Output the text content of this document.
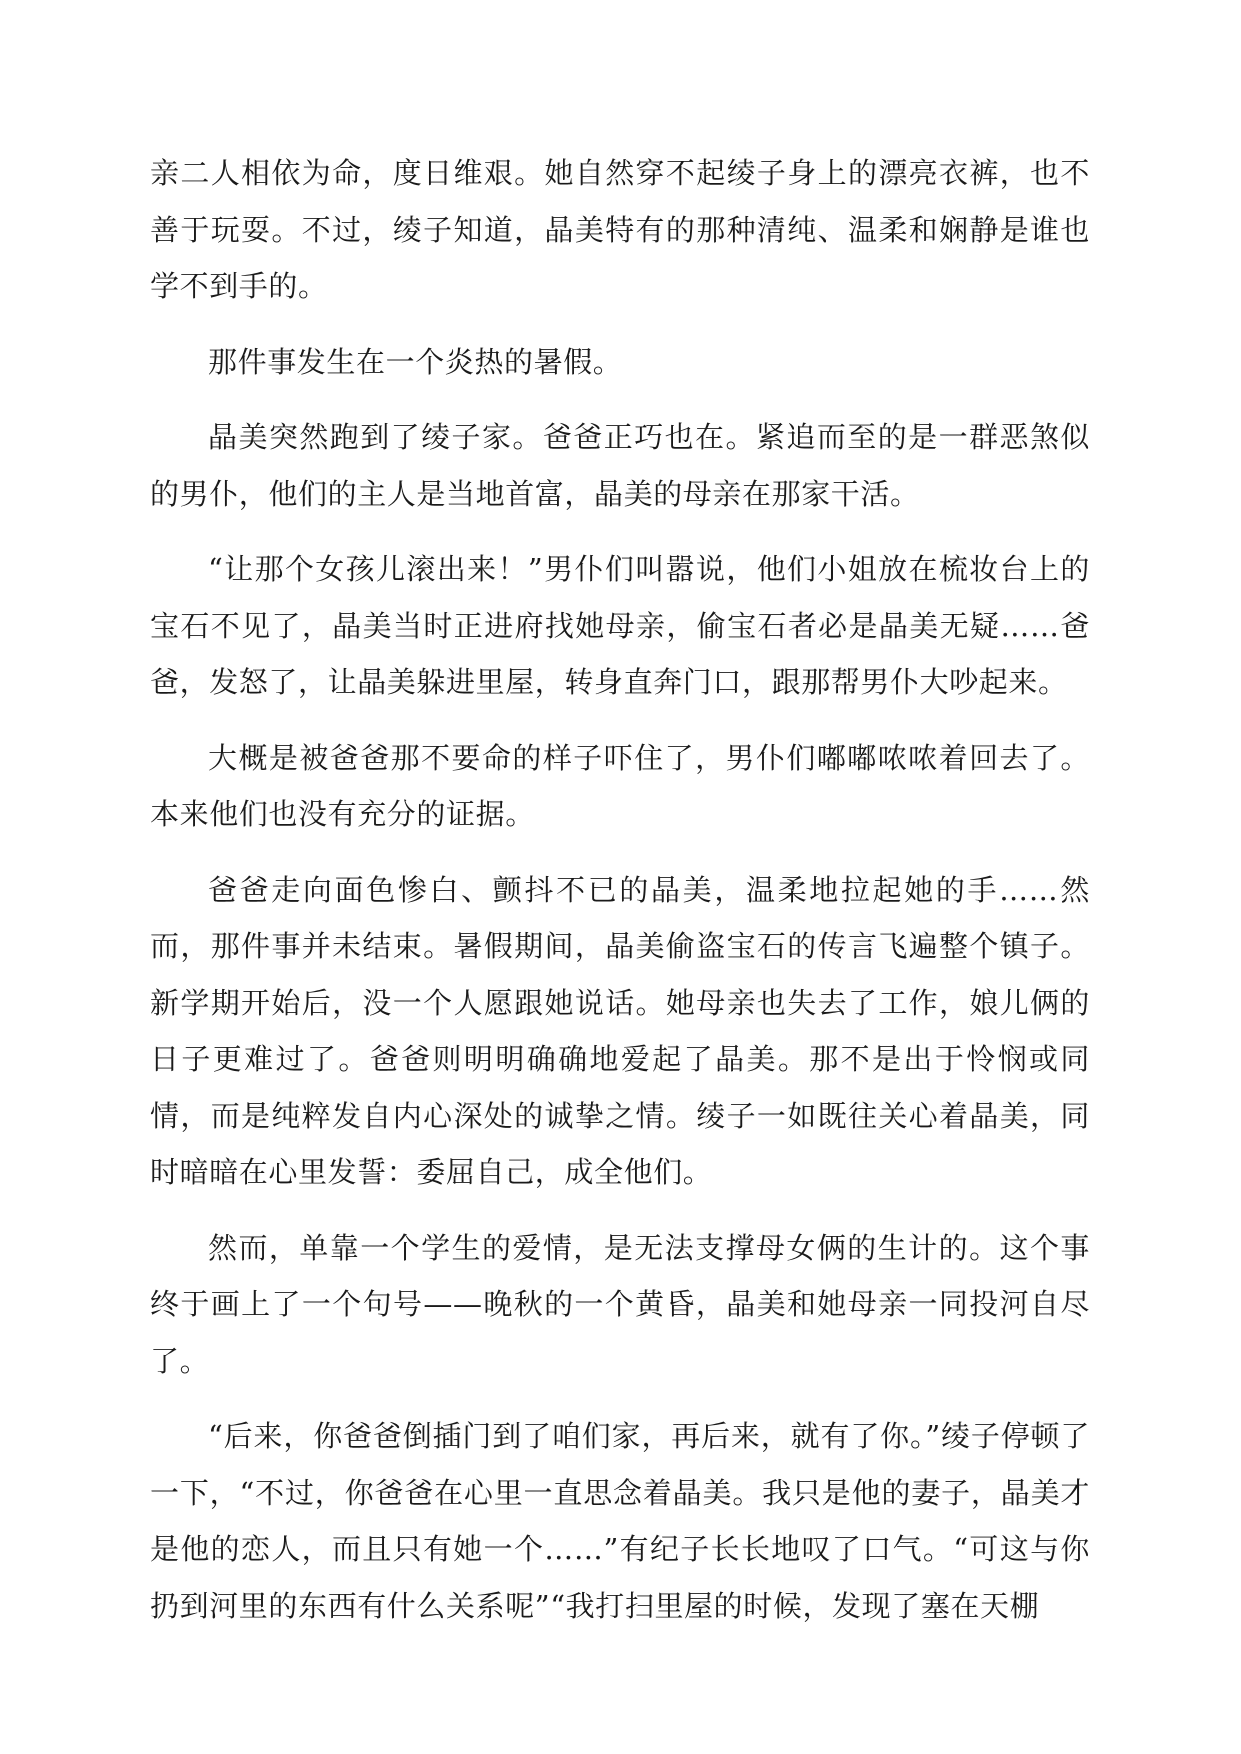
亲二人相依为命，度日维艰。她自然穿不起绫子身上的漂亮衣裤，也不善于玩耍。不过，绫子知道，晶美特有的那种清纯、温柔和娴静是谁也学不到手的。

那件事发生在一个炎热的暑假。

晶美突然跑到了绫子家。爸爸正巧也在。紧追而至的是一群恶煞似的男仆，他们的主人是当地首富，晶美的母亲在那家干活。

“让那个女孩儿滚出来！”男仆们叫嚣说，他们小姐放在梳妆台上的宝石不见了，晶美当时正进府找她母亲，偷宝石者必是晶美无疑……爸爸，发怒了，让晶美躲进里屋，转身直奔门口，跟那帮男仆大吵起来。

大概是被爸爸那不要命的样子吓住了，男仆们嘟嘟哝哝着回去了。本来他们也没有充分的证据。

爸爸走向面色惨白、颤抖不已的晶美，温柔地拉起她的手……然而，那件事并未结束。暑假期间，晶美偷盗宝石的传言飞遍整个镇子。新学期开始后，没一个人愿跟她说话。她母亲也失去了工作，娘儿俩的日子更难过了。爸爸则明明确确地爱起了晶美。那不是出于怜悯或同情，而是纯粹发自内心深处的诚挚之情。绫子一如既往关心着晶美，同时暗暗在心里发誓：委屈自己，成全他们。

然而，单靠一个学生的爱情，是无法支撑母女俩的生计的。这个事终于画上了一个句号——晚秋的一个黄昏，晶美和她母亲一同投河自尽了。

“后来，你爸爸倒插门到了咱们家，再后来，就有了你。”绫子停顿了一下，“不过，你爸爸在心里一直思念着晶美。我只是他的妻子，晶美才是他的恋人，而且只有她一个……”有纪子长长地叹了口气。“可这与你扔到河里的东西有什么关系呢”“我打扫里屋的时候，发现了塞在天棚
